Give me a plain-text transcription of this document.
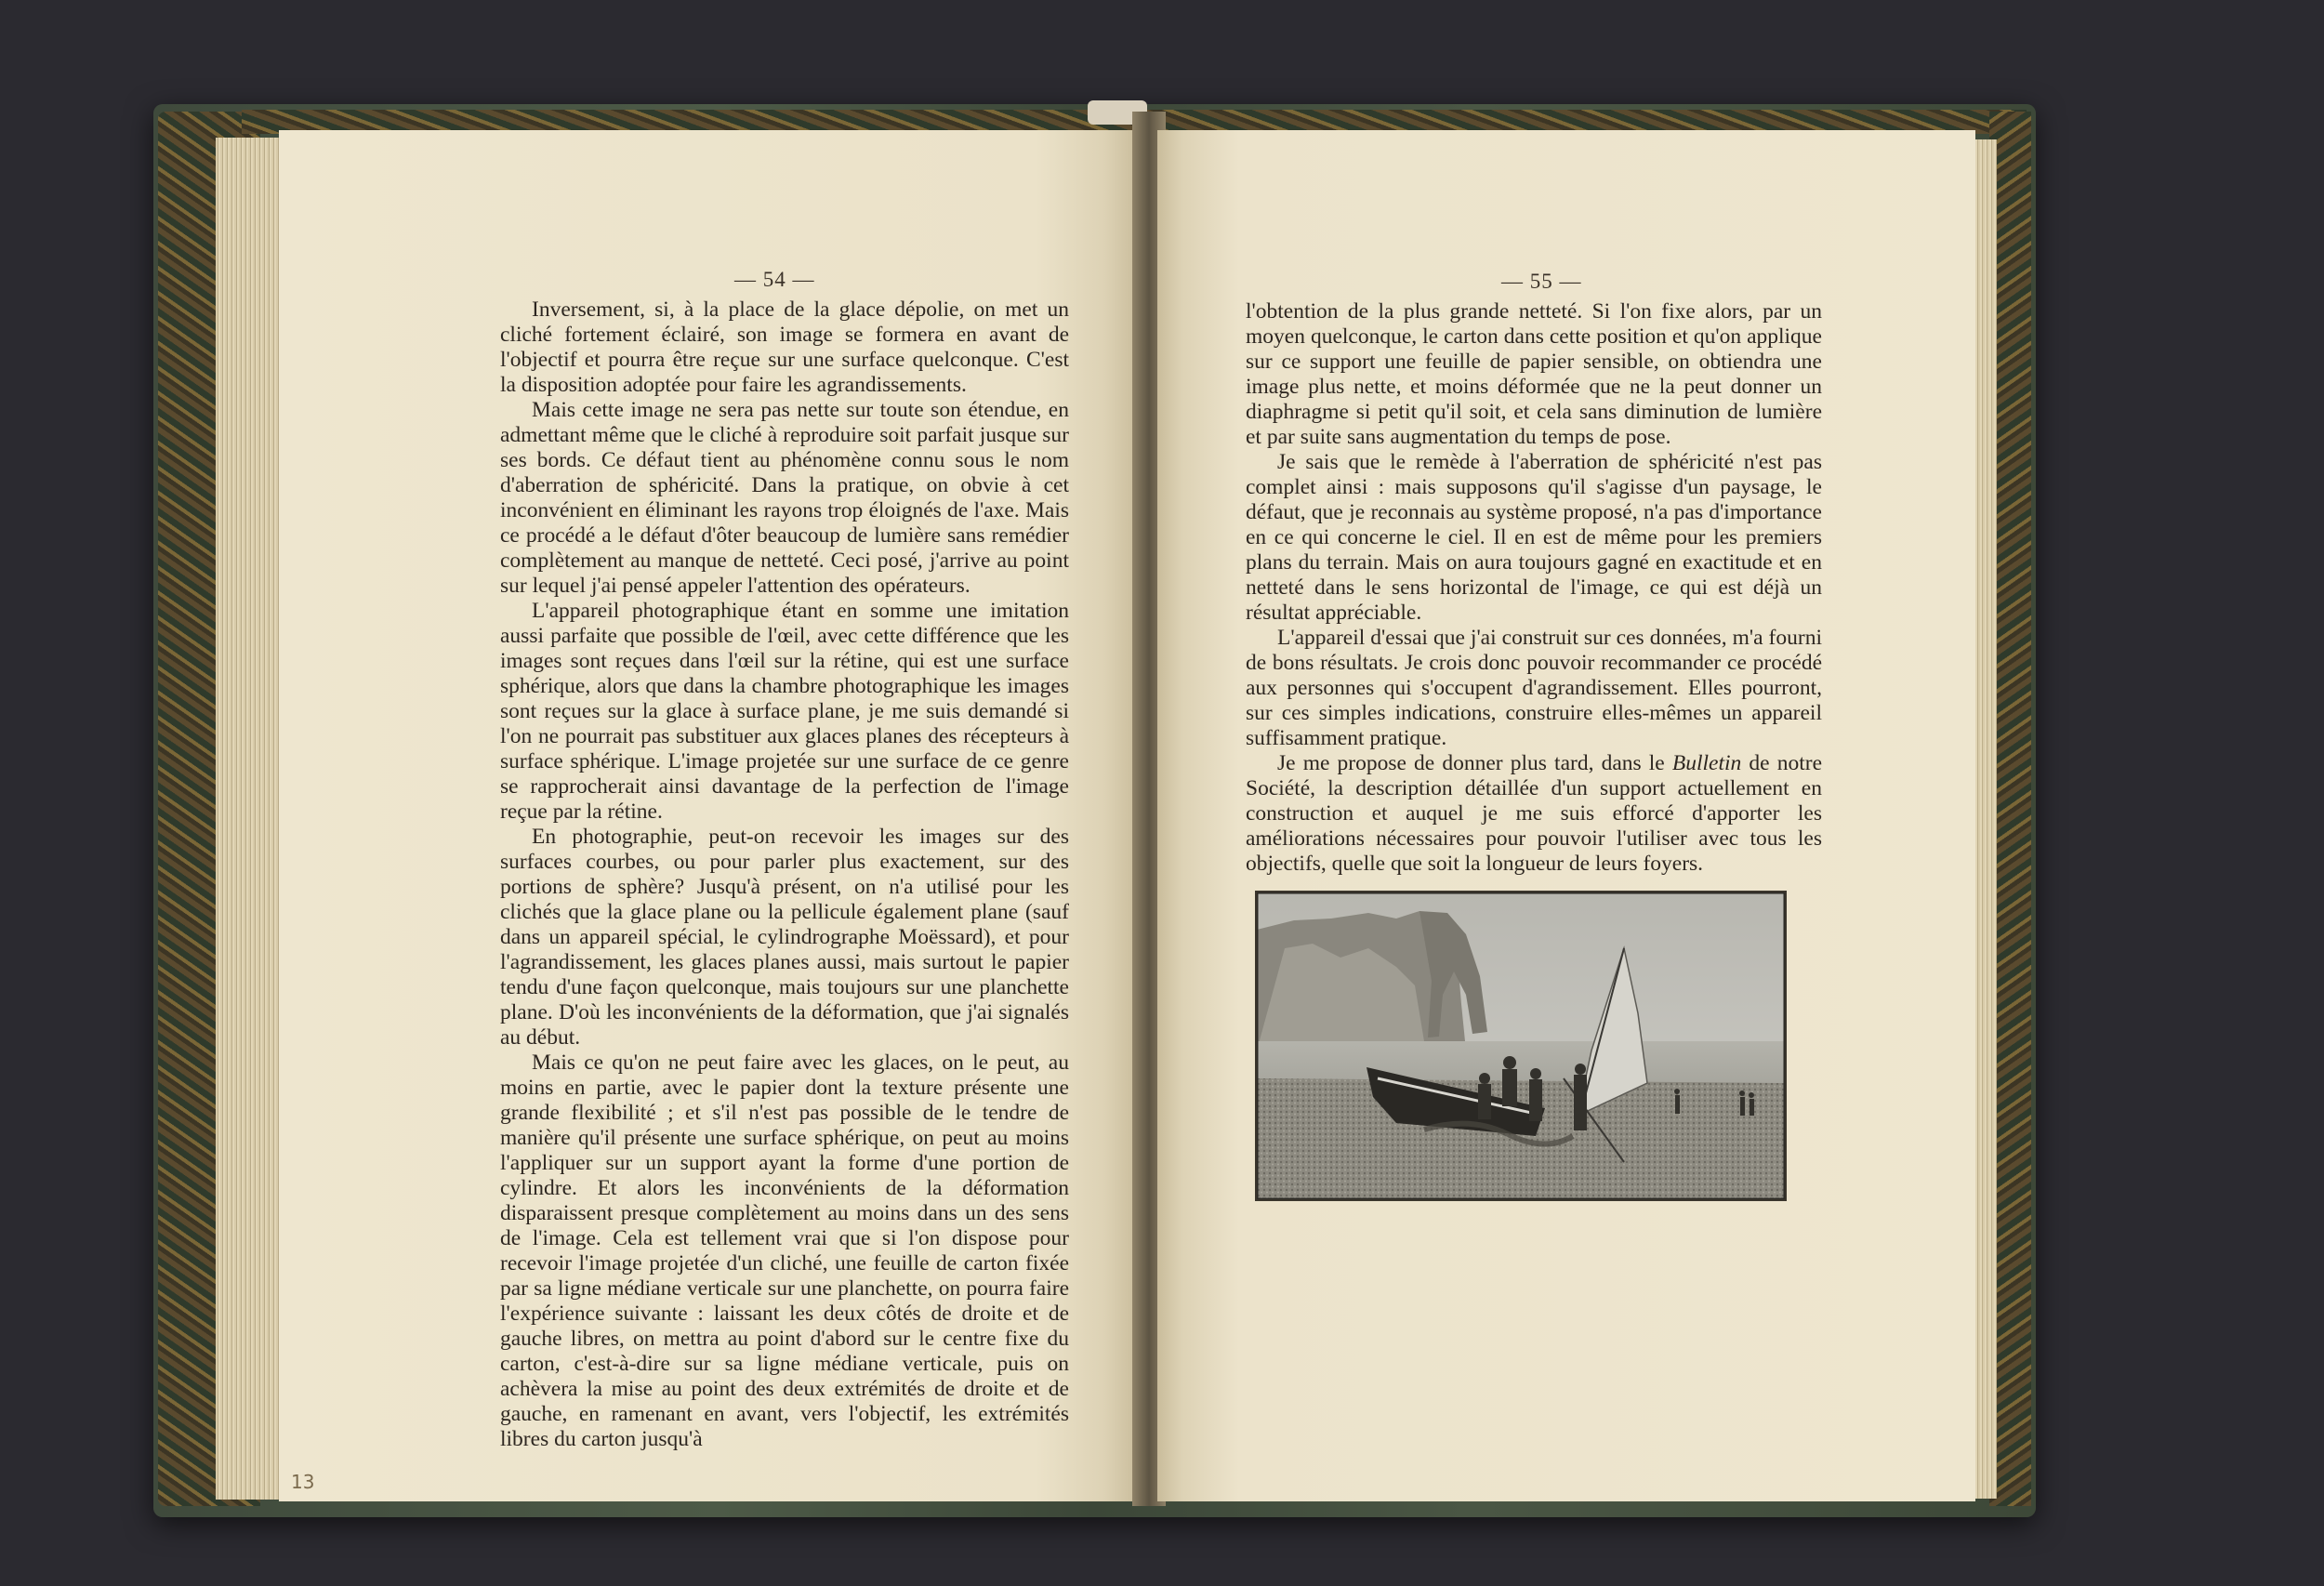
— 54 —	— 55 —

Inversement, si, à la place de la glace dépolie, on met un cliché fortement éclairé, son image se formera en avant de l'objectif et pourra être reçue sur une surface quelconque. C'est la disposition adoptée pour faire les agrandissements.

Mais cette image ne sera pas nette sur toute son étendue, en admettant même que le cliché à reproduire soit parfait jusque sur ses bords. Ce défaut tient au phénomène connu sous le nom d'aberration de sphéricité. Dans la pratique, on obvie à cet inconvénient en éliminant les rayons trop éloignés de l'axe. Mais ce procédé a le défaut d'ôter beaucoup de lumière sans remédier complètement au manque de netteté. Ceci posé, j'arrive au point sur lequel j'ai pensé appeler l'attention des opérateurs.

L'appareil photographique étant en somme une imitation aussi parfaite que possible de l'œil, avec cette différence que les images sont reçues dans l'œil sur la rétine, qui est une surface sphérique, alors que dans la chambre photographique les images sont reçues sur la glace à surface plane, je me suis demandé si l'on ne pourrait pas substituer aux glaces planes des récepteurs à surface sphérique. L'image projetée sur une surface de ce genre se rapprocherait ainsi davantage de la perfection de l'image reçue par la rétine.

En photographie, peut-on recevoir les images sur des surfaces courbes, ou pour parler plus exactement, sur des portions de sphère? Jusqu'à présent, on n'a utilisé pour les clichés que la glace plane ou la pellicule également plane (sauf dans un appareil spécial, le cylindrographe Moëssard), et pour l'agrandissement, les glaces planes aussi, mais surtout le papier tendu d'une façon quelconque, mais toujours sur une planchette plane. D'où les inconvénients de la déformation, que j'ai signalés au début.

Mais ce qu'on ne peut faire avec les glaces, on le peut, au moins en partie, avec le papier dont la texture présente une grande flexibilité ; et s'il n'est pas possible de le tendre de manière qu'il présente une surface sphérique, on peut au moins l'appliquer sur un support ayant la forme d'une portion de cylindre. Et alors les inconvénients de la déformation disparaissent presque complètement au moins dans un des sens de l'image. Cela est tellement vrai que si l'on dispose pour recevoir l'image projetée d'un cliché, une feuille de carton fixée par sa ligne médiane verticale sur une planchette, on pourra faire l'expérience suivante : laissant les deux côtés de droite et de gauche libres, on mettra au point d'abord sur le centre fixe du carton, c'est-à-dire sur sa ligne médiane verticale, puis on achèvera la mise au point des deux extrémités de droite et de gauche, en ramenant en avant, vers l'objectif, les extrémités libres du carton jusqu'à

l'obtention de la plus grande netteté. Si l'on fixe alors, par un moyen quelconque, le carton dans cette position et qu'on applique sur ce support une feuille de papier sensible, on obtiendra une image plus nette, et moins déformée que ne la peut donner un diaphragme si petit qu'il soit, et cela sans diminution de lumière et par suite sans augmentation du temps de pose.

Je sais que le remède à l'aberration de sphéricité n'est pas complet ainsi : mais supposons qu'il s'agisse d'un paysage, le défaut, que je reconnais au système proposé, n'a pas d'importance en ce qui concerne le ciel. Il en est de même pour les premiers plans du terrain. Mais on aura toujours gagné en exactitude et en netteté dans le sens horizontal de l'image, ce qui est déjà un résultat appréciable.

L'appareil d'essai que j'ai construit sur ces données, m'a fourni de bons résultats. Je crois donc pouvoir recommander ce procédé aux personnes qui s'occupent d'agrandissement. Elles pourront, sur ces simples indications, construire elles-mêmes un appareil suffisamment pratique.

Je me propose de donner plus tard, dans le Bulletin de notre Société, la description détaillée d'un support actuellement en construction et auquel je me suis efforcé d'apporter les améliorations nécessaires pour pouvoir l'utiliser avec tous les objectifs, quelle que soit la longueur de leurs foyers.

13
